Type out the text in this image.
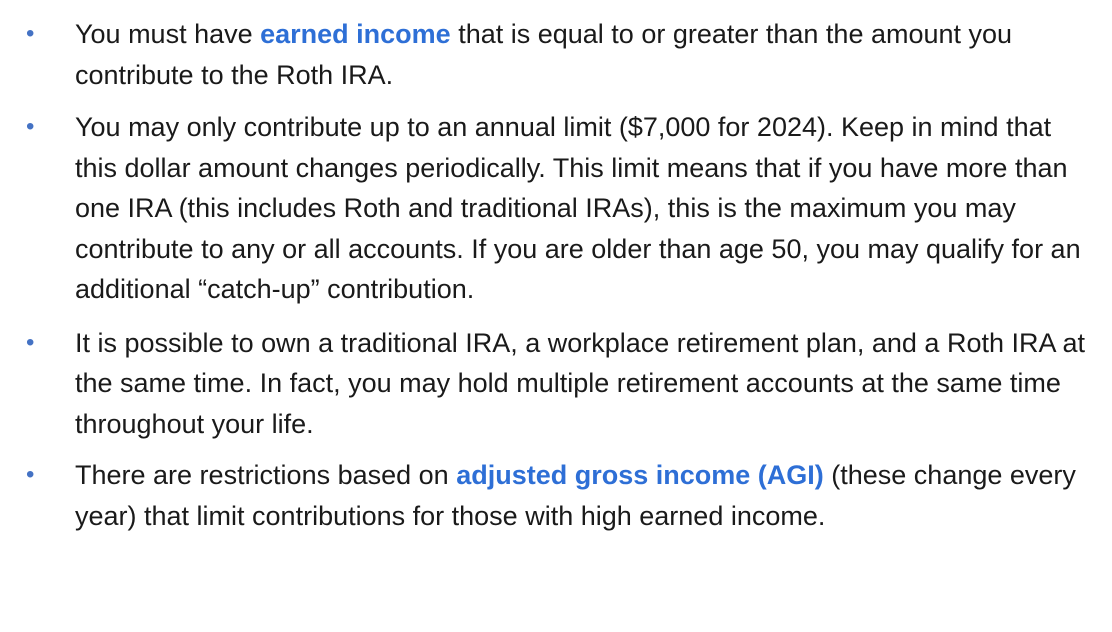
• You must have earned income that is equal to or greater than the amount you contribute to the Roth IRA.
• You may only contribute up to an annual limit ($7,000 for 2024). Keep in mind that this dollar amount changes periodically. This limit means that if you have more than one IRA (this includes Roth and traditional IRAs), this is the maximum you may contribute to any or all accounts. If you are older than age 50, you may qualify for an additional “catch-up” contribution.
• It is possible to own a traditional IRA, a workplace retirement plan, and a Roth IRA at the same time. In fact, you may hold multiple retirement accounts at the same time throughout your life.
• There are restrictions based on adjusted gross income (AGI) (these change every year) that limit contributions for those with high earned income.
